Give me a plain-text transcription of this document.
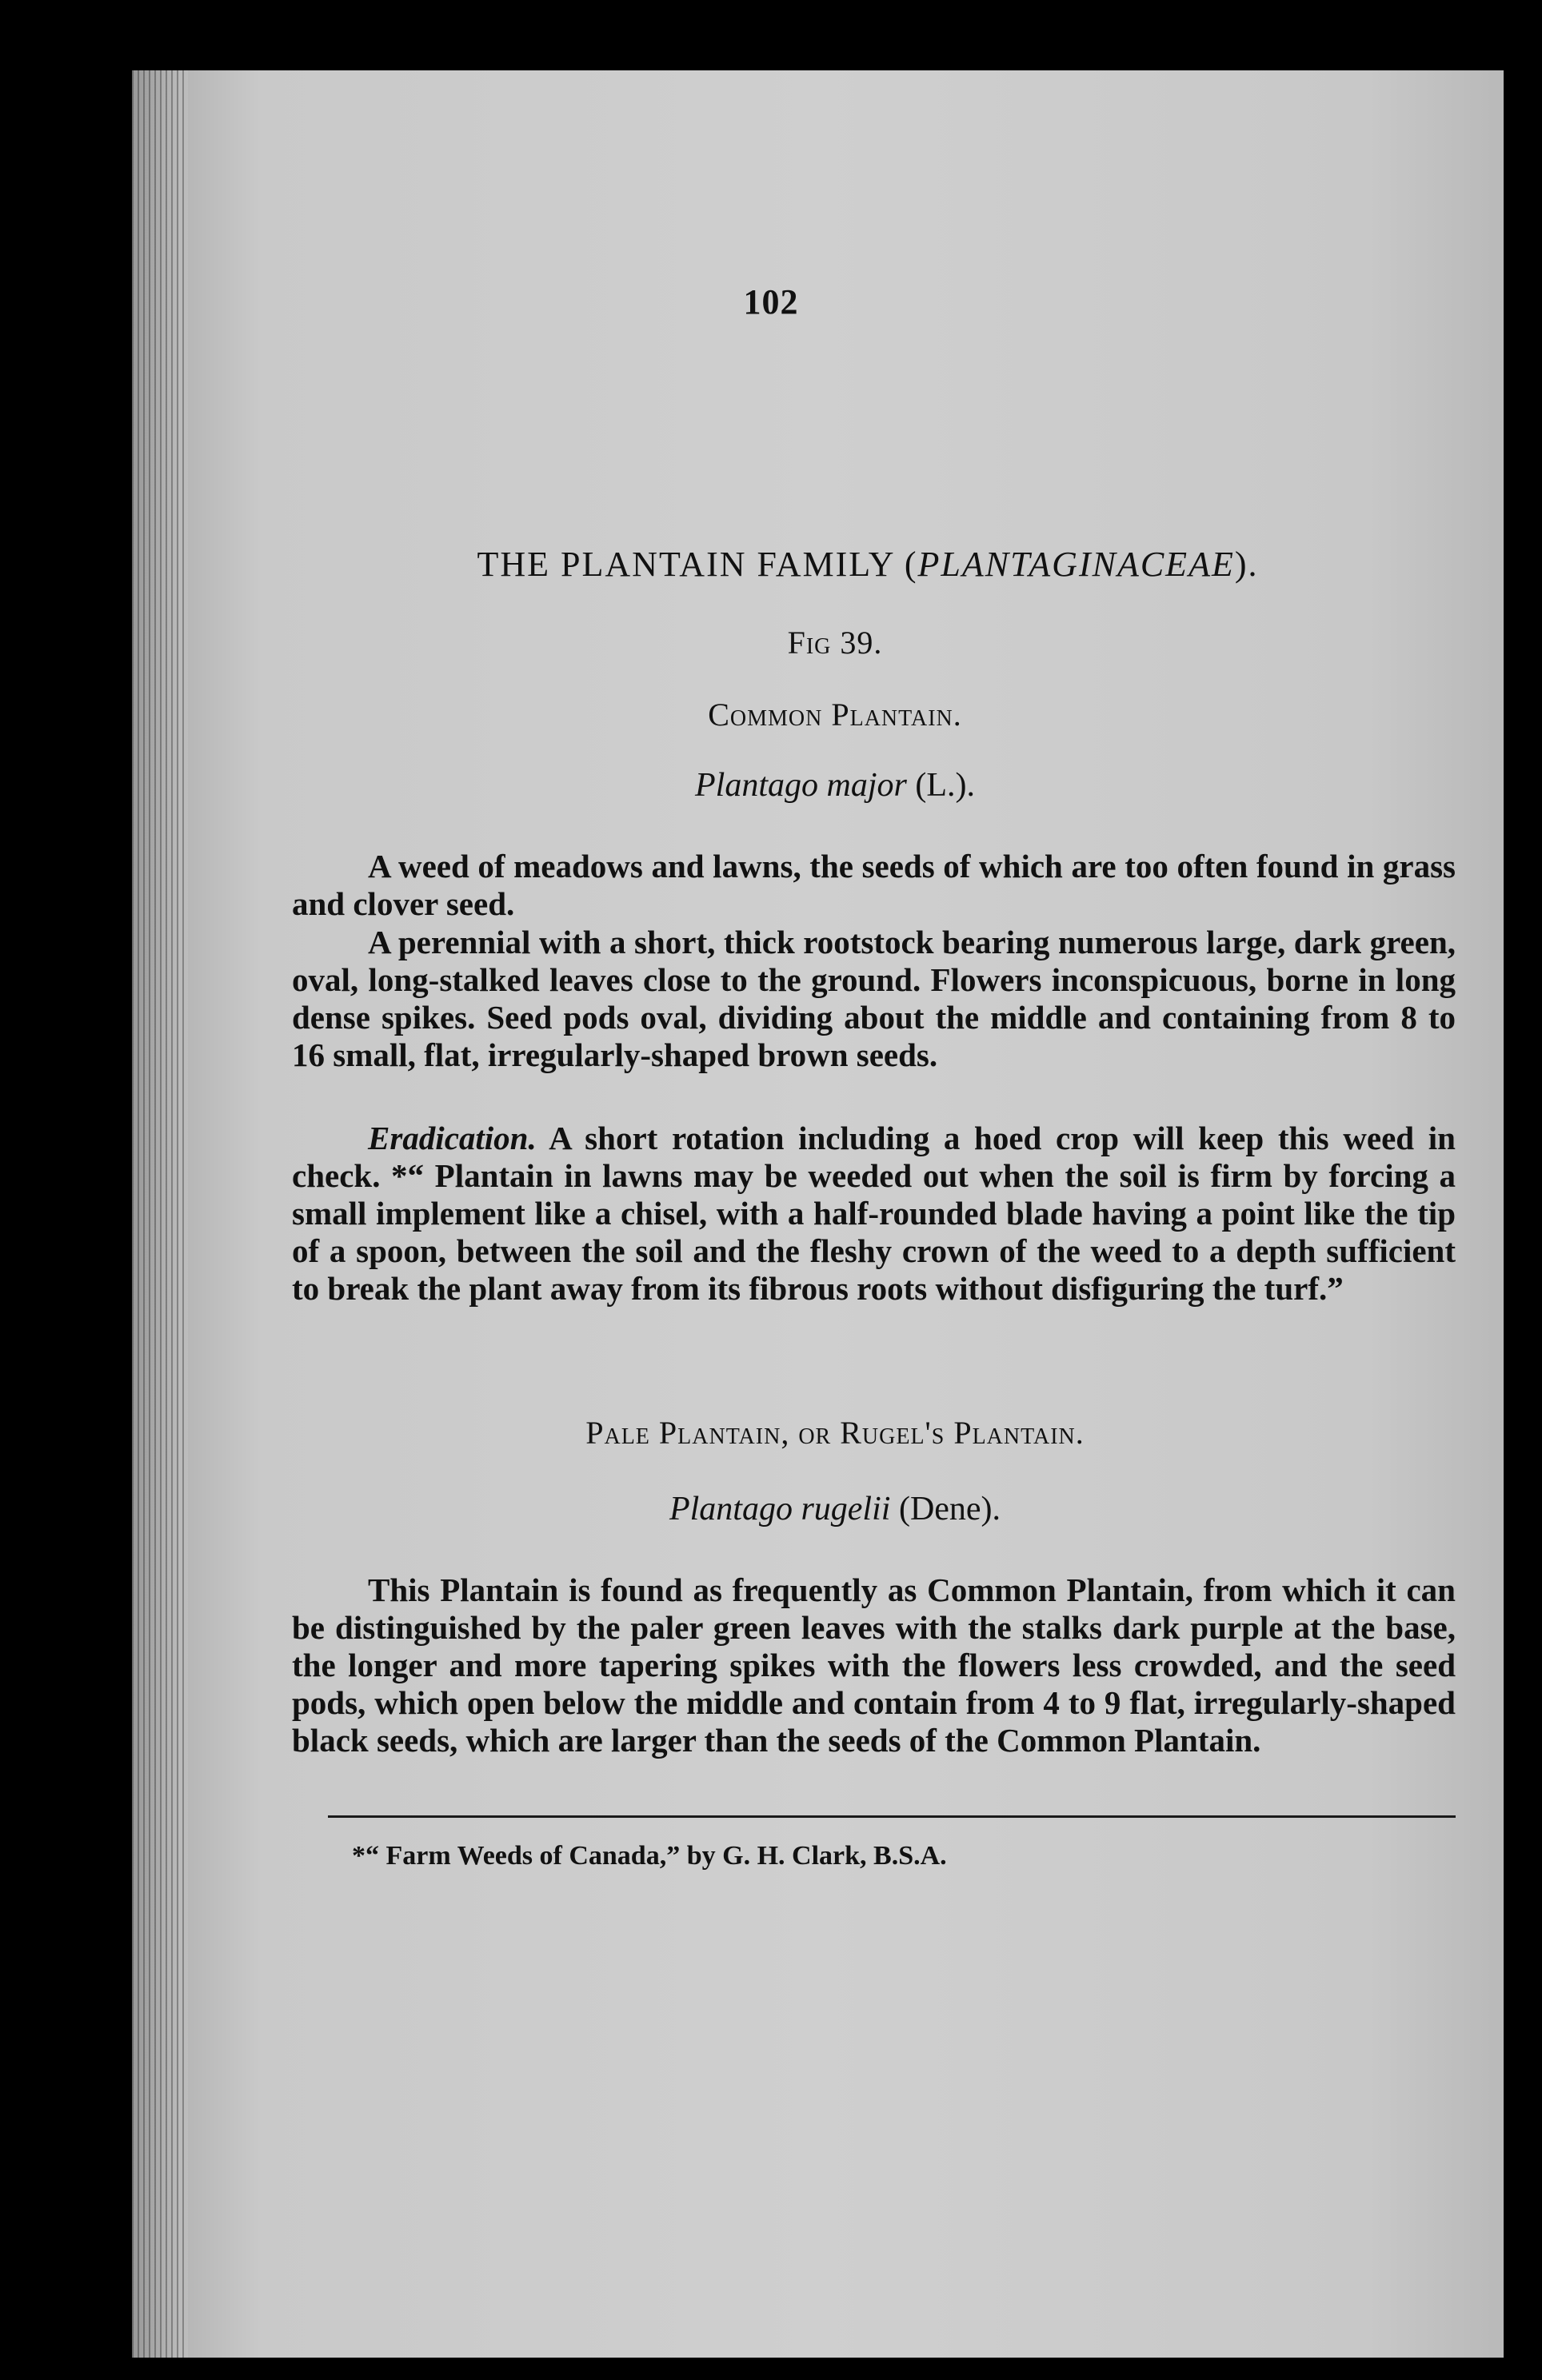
102
THE PLANTAIN FAMILY (PLANTAGINACEAE).
Fig 39.
Common Plantain.
Plantago major (L.).

A weed of meadows and lawns, the seeds of which are too often found in grass and clover seed.

A perennial with a short, thick rootstock bearing numerous large, dark green, oval, long-stalked leaves close to the ground. Flowers inconspicuous, borne in long dense spikes. Seed pods oval, dividing about the middle and containing from 8 to 16 small, flat, irregularly-shaped brown seeds.

Eradication. A short rotation including a hoed crop will keep this weed in check. *“ Plantain in lawns may be weeded out when the soil is firm by forcing a small implement like a chisel, with a half-rounded blade having a point like the tip of a spoon, between the soil and the fleshy crown of the weed to a depth sufficient to break the plant away from its fibrous roots without disfiguring the turf.”

Pale Plantain, or Rugel's Plantain.
Plantago rugelii (Dene).

This Plantain is found as frequently as Common Plantain, from which it can be distinguished by the paler green leaves with the stalks dark purple at the base, the longer and more tapering spikes with the flowers less crowded, and the seed pods, which open below the middle and contain from 4 to 9 flat, irregularly-shaped black seeds, which are larger than the seeds of the Common Plantain.

*“ Farm Weeds of Canada,” by G. H. Clark, B.S.A.
